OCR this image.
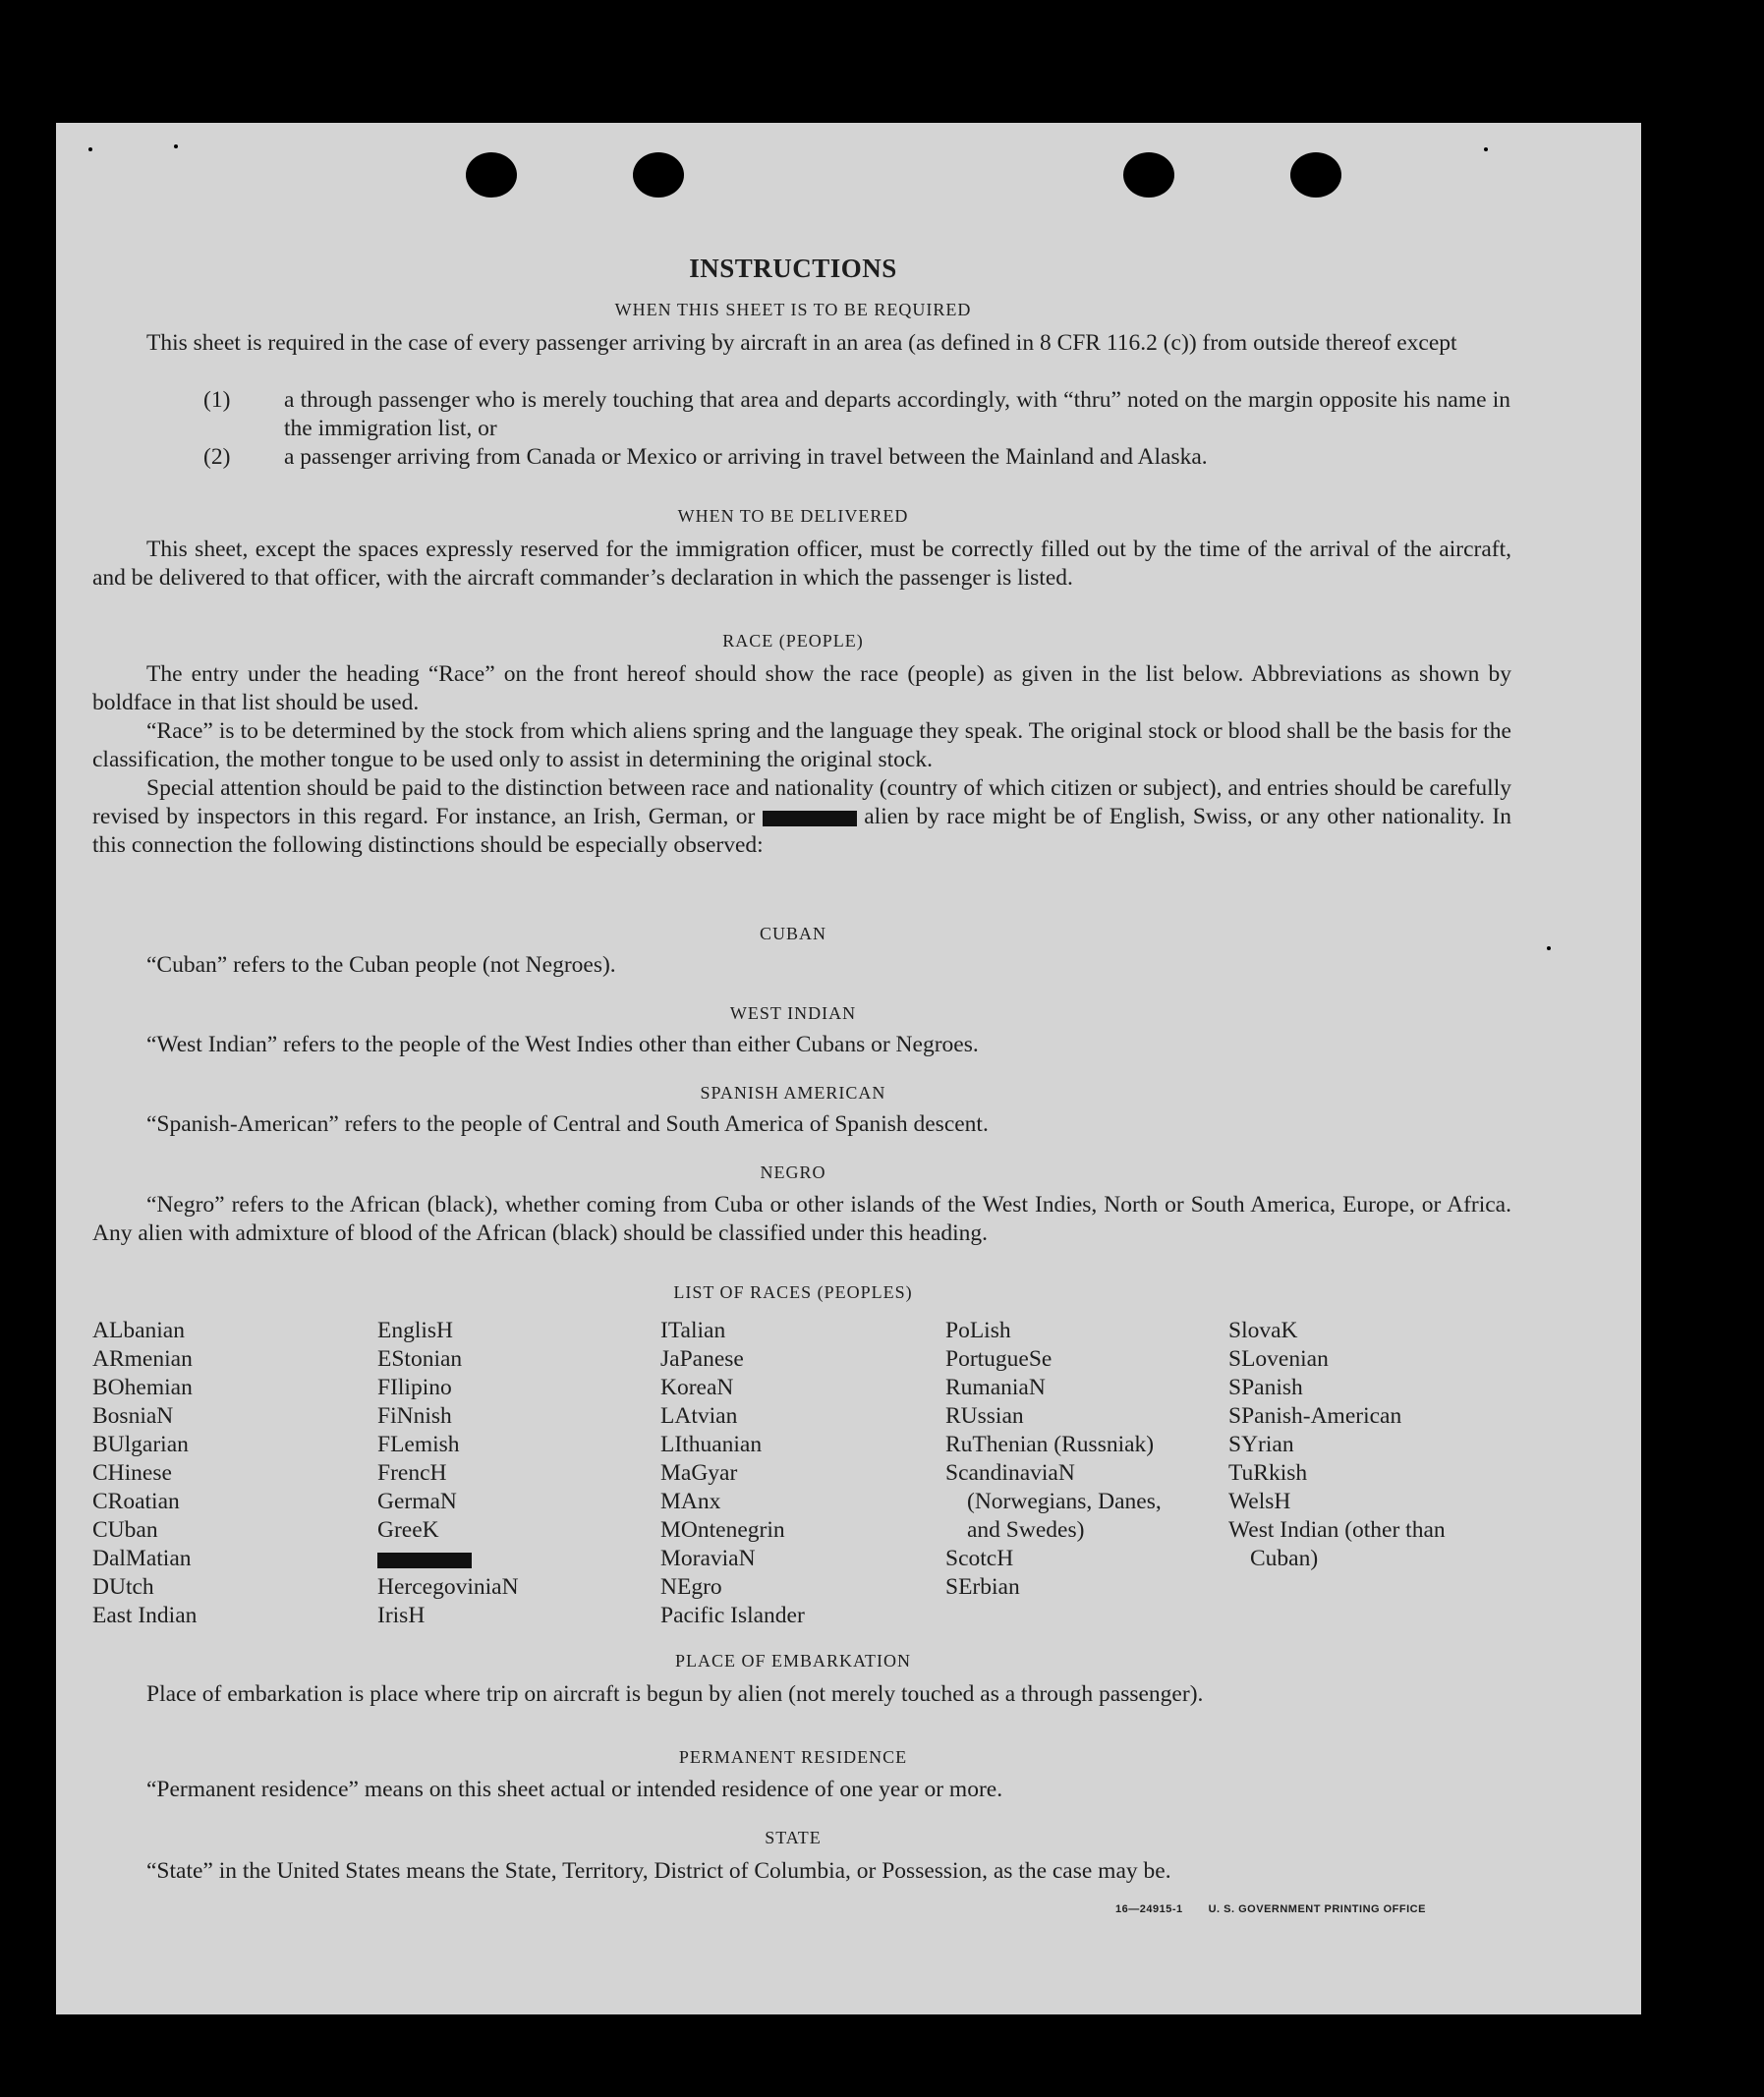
INSTRUCTIONS
WHEN THIS SHEET IS TO BE REQUIRED

This sheet is required in the case of every passenger arriving by aircraft in an area (as defined in 8 CFR 116.2 (c)) from outside thereof except

(1)	a through passenger who is merely touching that area and departs accordingly, with “thru” noted on the margin opposite his name in the immigration list, or
(2)	a passenger arriving from Canada or Mexico or arriving in travel between the Mainland and Alaska.
WHEN TO BE DELIVERED

This sheet, except the spaces expressly reserved for the immigration officer, must be correctly filled out by the time of the arrival of the aircraft, and be delivered to that officer, with the aircraft commander’s declaration in which the passenger is listed.

RACE (PEOPLE)

The entry under the heading “Race” on the front hereof should show the race (people) as given in the list below. Abbreviations as shown by boldface in that list should be used.

“Race” is to be determined by the stock from which aliens spring and the language they speak. The original stock or blood shall be the basis for the classification, the mother tongue to be used only to assist in determining the original stock.

Special attention should be paid to the distinction between race and nationality (country of which citizen or subject), and entries should be carefully revised by inspectors in this regard. For instance, an Irish, German, or	alien by race might be of English, Swiss, or any other nationality. In this connection the following distinctions should be especially observed:

CUBAN

“Cuban” refers to the Cuban people (not Negroes).

WEST INDIAN

“West Indian” refers to the people of the West Indies other than either Cubans or Negroes.

SPANISH AMERICAN

“Spanish-American” refers to the people of Central and South America of Spanish descent.

NEGRO

“Negro” refers to the African (black), whether coming from Cuba or other islands of the West Indies, North or South America, Europe, or Africa. Any alien with admixture of blood of the African (black) should be classified under this heading.

LIST OF RACES (PEOPLES)
ALbanian
ARmenian
BOhemian
BosniaN
BUlgarian
CHinese
CRoatian
CUban
DalMatian
DUtch
East Indian
EnglisH
EStonian
FIlipino
FiNnish
FLemish
FrencH
GermaN
GreeK
HercegoviniaN
IrisH
ITalian
JaPanese
KoreaN
LAtvian
LIthuanian
MaGyar
MAnx
MOntenegrin
MoraviaN
NEgro
Pacific Islander
PoLish
PortugueSe
RumaniaN
RUssian
RuThenian (Russniak)
ScandinaviaN (Norwegians, Danes, and Swedes)
ScotcH
SErbian
SlovaK
SLovenian
SPanish
SPanish-American
SYrian
TuRkish
WelsH
West Indian (other than Cuban)
PLACE OF EMBARKATION

Place of embarkation is place where trip on aircraft is begun by alien (not merely touched as a through passenger).

PERMANENT RESIDENCE

“Permanent residence” means on this sheet actual or intended residence of one year or more.

STATE

“State” in the United States means the State, Territory, District of Columbia, or Possession, as the case may be.

16—24915-1 U. S. GOVERNMENT PRINTING OFFICE
